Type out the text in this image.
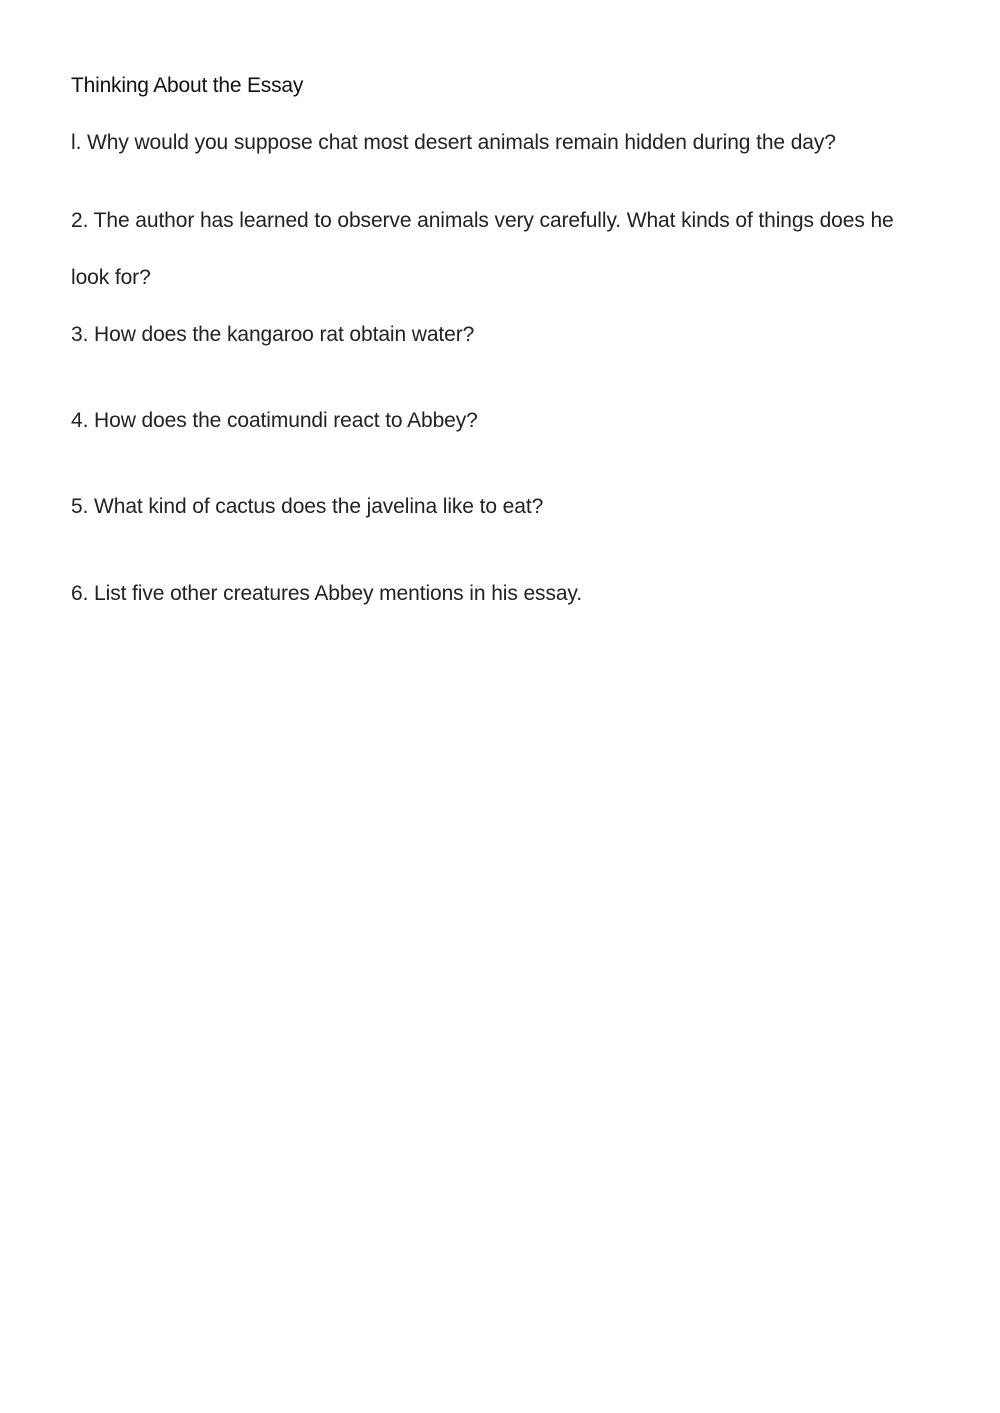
Thinking About the Essay
l. Why would you suppose chat most desert animals remain hidden during the day?
2. The author has learned to observe animals very carefully. What kinds of things does he
look for?
3. How does the kangaroo rat obtain water?
4. How does the coatimundi react to Abbey?
5. What kind of cactus does the javelina like to eat?
6. List five other creatures Abbey mentions in his essay.
